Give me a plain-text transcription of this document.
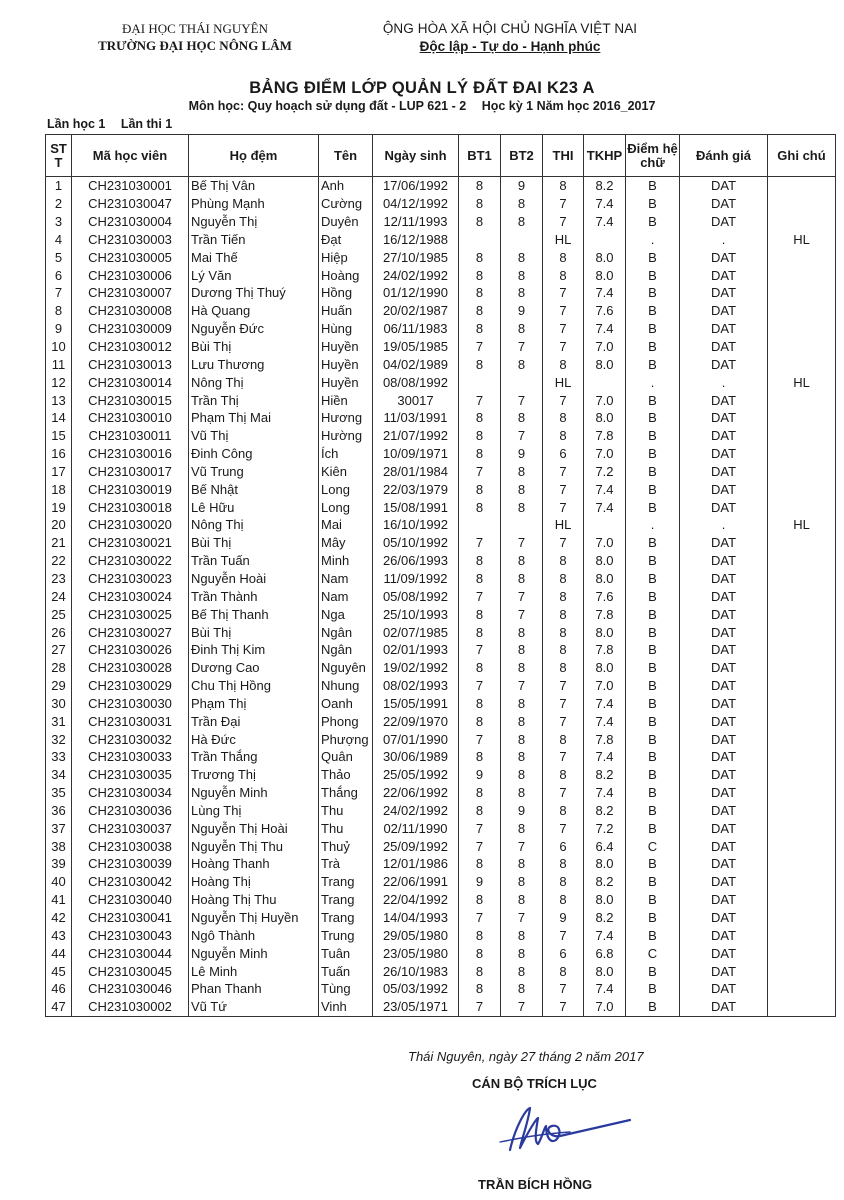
ĐẠI HỌC THÁI NGUYÊN
TRƯỜNG ĐẠI HỌC NÔNG LÂM
ỘNG HÒA XÃ HỘI CHỦ NGHĨA VIỆT NAI
Độc lập - Tự do - Hạnh phúc
BẢNG ĐIỂM LỚP QUẢN LÝ ĐẤT ĐAI K23 A
Môn học: Quy hoạch sử dụng đất - LUP 621 - 2 Học kỳ 1 Năm học 2016_2017
Lần học 1 Lần thi 1
ST T	Mã học viên	Họ đệm	Tên	Ngày sinh	BT1	BT2	THI	TKHP	Điểm hệ chữ	Đánh giá	Ghi chú
1	CH231030001	Bế Thị Vân	Anh	17/06/1992	8	9	8	8.2	B	DAT	
2	CH231030047	Phùng Mạnh	Cường	04/12/1992	8	8	7	7.4	B	DAT	
3	CH231030004	Nguyễn Thị	Duyên	12/11/1993	8	8	7	7.4	B	DAT	
4	CH231030003	Trần Tiến	Đạt	16/12/1988			HL		.	.	HL
5	CH231030005	Mai Thế	Hiệp	27/10/1985	8	8	8	8.0	B	DAT	
6	CH231030006	Lý Văn	Hoàng	24/02/1992	8	8	8	8.0	B	DAT	
7	CH231030007	Dương Thị Thuý	Hồng	01/12/1990	8	8	7	7.4	B	DAT	
8	CH231030008	Hà Quang	Huấn	20/02/1987	8	9	7	7.6	B	DAT	
9	CH231030009	Nguyễn Đức	Hùng	06/11/1983	8	8	7	7.4	B	DAT	
10	CH231030012	Bùi Thị	Huyền	19/05/1985	7	7	7	7.0	B	DAT	
11	CH231030013	Lưu Thương	Huyền	04/02/1989	8	8	8	8.0	B	DAT	
12	CH231030014	Nông Thị	Huyền	08/08/1992			HL		.	.	HL
13	CH231030015	Trần Thị	Hiền	30017	7	7	7	7.0	B	DAT	
14	CH231030010	Phạm Thị Mai	Hương	11/03/1991	8	8	8	8.0	B	DAT	
15	CH231030011	Vũ Thị	Hường	21/07/1992	8	7	8	7.8	B	DAT	
16	CH231030016	Đinh Công	Ích	10/09/1971	8	9	6	7.0	B	DAT	
17	CH231030017	Vũ Trung	Kiên	28/01/1984	7	8	7	7.2	B	DAT	
18	CH231030019	Bế Nhật	Long	22/03/1979	8	8	7	7.4	B	DAT	
19	CH231030018	Lê Hữu	Long	15/08/1991	8	8	7	7.4	B	DAT	
20	CH231030020	Nông Thị	Mai	16/10/1992			HL		.	.	HL
21	CH231030021	Bùi Thị	Mây	05/10/1992	7	7	7	7.0	B	DAT	
22	CH231030022	Trần Tuấn	Minh	26/06/1993	8	8	8	8.0	B	DAT	
23	CH231030023	Nguyễn Hoài	Nam	11/09/1992	8	8	8	8.0	B	DAT	
24	CH231030024	Trần Thành	Nam	05/08/1992	7	7	8	7.6	B	DAT	
25	CH231030025	Bế Thị Thanh	Nga	25/10/1993	8	7	8	7.8	B	DAT	
26	CH231030027	Bùi Thị	Ngân	02/07/1985	8	8	8	8.0	B	DAT	
27	CH231030026	Đinh Thị Kim	Ngân	02/01/1993	7	8	8	7.8	B	DAT	
28	CH231030028	Dương Cao	Nguyên	19/02/1992	8	8	8	8.0	B	DAT	
29	CH231030029	Chu Thị Hồng	Nhung	08/02/1993	7	7	7	7.0	B	DAT	
30	CH231030030	Phạm Thị	Oanh	15/05/1991	8	8	7	7.4	B	DAT	
31	CH231030031	Trần Đại	Phong	22/09/1970	8	8	7	7.4	B	DAT	
32	CH231030032	Hà Đức	Phượng	07/01/1990	7	8	8	7.8	B	DAT	
33	CH231030033	Trần Thắng	Quân	30/06/1989	8	8	7	7.4	B	DAT	
34	CH231030035	Trương Thị	Thảo	25/05/1992	9	8	8	8.2	B	DAT	
35	CH231030034	Nguyễn Minh	Thắng	22/06/1992	8	8	7	7.4	B	DAT	
36	CH231030036	Lùng Thị	Thu	24/02/1992	8	9	8	8.2	B	DAT	
37	CH231030037	Nguyễn Thị Hoài	Thu	02/11/1990	7	8	7	7.2	B	DAT	
38	CH231030038	Nguyễn Thị Thu	Thuỷ	25/09/1992	7	7	6	6.4	C	DAT	
39	CH231030039	Hoàng Thanh	Trà	12/01/1986	8	8	8	8.0	B	DAT	
40	CH231030042	Hoàng Thị	Trang	22/06/1991	9	8	8	8.2	B	DAT	
41	CH231030040	Hoàng Thị Thu	Trang	22/04/1992	8	8	8	8.0	B	DAT	
42	CH231030041	Nguyễn Thị Huyền	Trang	14/04/1993	7	7	9	8.2	B	DAT	
43	CH231030043	Ngô Thành	Trung	29/05/1980	8	8	7	7.4	B	DAT	
44	CH231030044	Nguyễn Minh	Tuân	23/05/1980	8	8	6	6.8	C	DAT	
45	CH231030045	Lê Minh	Tuấn	26/10/1983	8	8	8	8.0	B	DAT	
46	CH231030046	Phan Thanh	Tùng	05/03/1992	8	8	7	7.4	B	DAT	
47	CH231030002	Vũ Tứ	Vinh	23/05/1971	7	7	7	7.0	B	DAT	
Thái Nguyên, ngày 27 tháng 2 năm 2017
CÁN BỘ TRÍCH LỤC
TRẦN BÍCH HỒNG
